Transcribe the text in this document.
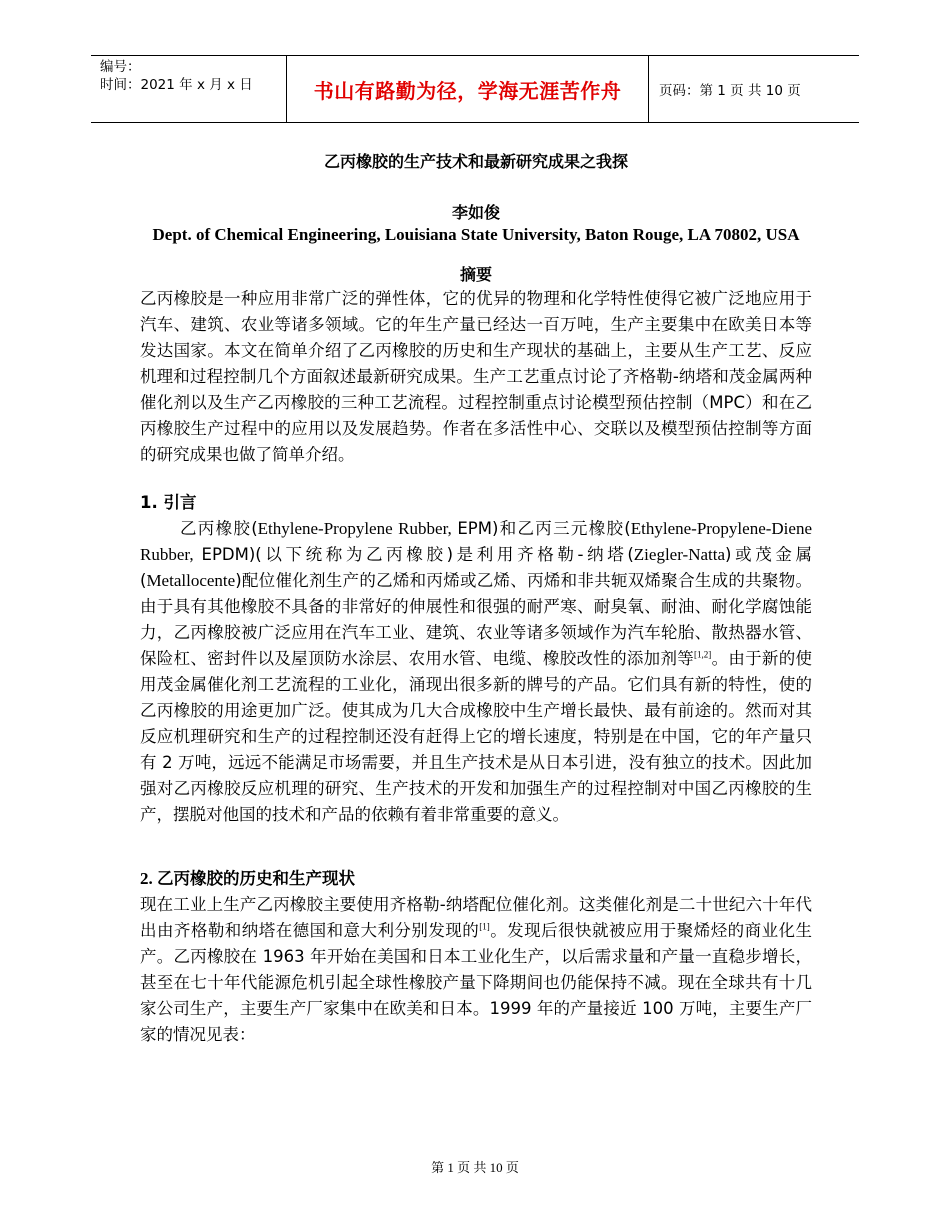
编号：
时间：2021 年 x 月 x 日	书山有路勤为径，学海无涯苦作舟	页码：第 1 页 共 10 页
乙丙橡胶的生产技术和最新研究成果之我探
李如俊
Dept. of Chemical Engineering, Louisiana State University, Baton Rouge, LA 70802, USA
摘要
乙丙橡胶是一种应用非常广泛的弹性体，它的优异的物理和化学特性使得它被广泛地应用于汽车、建筑、农业等诸多领域。它的年生产量已经达一百万吨，生产主要集中在欧美日本等发达国家。本文在简单介绍了乙丙橡胶的历史和生产现状的基础上，主要从生产工艺、反应机理和过程控制几个方面叙述最新研究成果。生产工艺重点讨论了齐格勒-纳塔和茂金属两种催化剂以及生产乙丙橡胶的三种工艺流程。过程控制重点讨论模型预估控制（MPC）和在乙丙橡胶生产过程中的应用以及发展趋势。作者在多活性中心、交联以及模型预估控制等方面的研究成果也做了简单介绍。
1. 引言
乙丙橡胶(Ethylene-Propylene Rubber, EPM)和乙丙三元橡胶(Ethylene-Propylene-Diene Rubber, EPDM)(以下统称为乙丙橡胶)是利用齐格勒-纳塔(Ziegler-Natta)或茂金属(Metallocente)配位催化剂生产的乙烯和丙烯或乙烯、丙烯和非共轭双烯聚合生成的共聚物。由于具有其他橡胶不具备的非常好的伸展性和很强的耐严寒、耐臭氧、耐油、耐化学腐蚀能力，乙丙橡胶被广泛应用在汽车工业、建筑、农业等诸多领域作为汽车轮胎、散热器水管、保险杠、密封件以及屋顶防水涂层、农用水管、电缆、橡胶改性的添加剂等[1,2]。由于新的使用茂金属催化剂工艺流程的工业化，涌现出很多新的牌号的产品。它们具有新的特性，使的乙丙橡胶的用途更加广泛。使其成为几大合成橡胶中生产增长最快、最有前途的。然而对其反应机理研究和生产的过程控制还没有赶得上它的增长速度，特别是在中国，它的年产量只有 2 万吨，远远不能满足市场需要，并且生产技术是从日本引进，没有独立的技术。因此加强对乙丙橡胶反应机理的研究、生产技术的开发和加强生产的过程控制对中国乙丙橡胶的生产，摆脱对他国的技术和产品的依赖有着非常重要的意义。
2. 乙丙橡胶的历史和生产现状
现在工业上生产乙丙橡胶主要使用齐格勒-纳塔配位催化剂。这类催化剂是二十世纪六十年代出由齐格勒和纳塔在德国和意大利分别发现的[1]。发现后很快就被应用于聚烯烃的商业化生产。乙丙橡胶在 1963 年开始在美国和日本工业化生产，以后需求量和产量一直稳步增长，甚至在七十年代能源危机引起全球性橡胶产量下降期间也仍能保持不减。现在全球共有十几家公司生产，主要生产厂家集中在欧美和日本。1999 年的产量接近 100 万吨，主要生产厂家的情况见表：
第 1 页 共 10 页
